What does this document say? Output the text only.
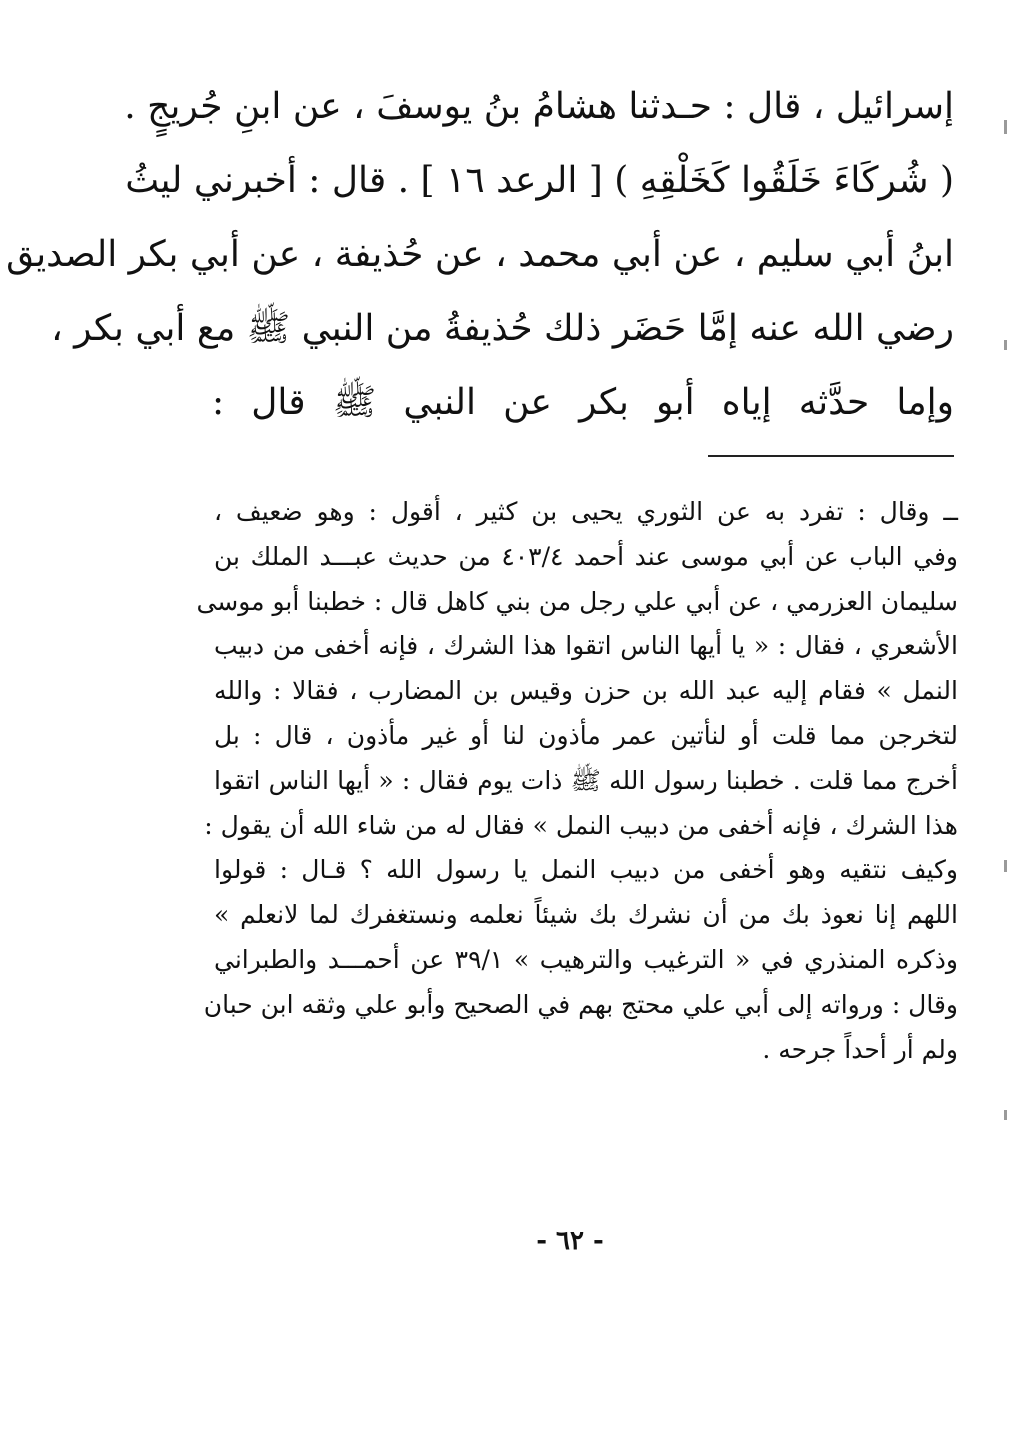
إسرائيل ، قال : حـدثنا هشامُ بنُ يوسفَ ، عن ابنِ جُريجٍ .
( شُركَاءَ خَلَقُوا كَخَلْقِهِ ) [ الرعد ١٦ ] . قال : أخبرني ليثُ
ابنُ أبي سليم ، عن أبي محمد ، عن حُذيفة ، عن أبي بكر الصديق
رضي الله عنه إمَّا حَضَر ذلك حُذيفةُ من النبي ﷺ مع أبي بكر ،
وإما حدَّثه إياه أبو بكر عن النبي ﷺ قال :
ــ وقال : تفرد به عن الثوري يحيى بن كثير ، أقول : وهو ضعيف ،
وفي الباب عن أبي موسى عند أحمد ٤٠٣/٤ من حديث عبـــد الملك بن
سليمان العزرمي ، عن أبي علي رجل من بني كاهل قال : خطبنا أبو موسى
الأشعري ، فقال : « يا أيها الناس اتقوا هذا الشرك ، فإنه أخفى من دبيب
النمل » فقام إليه عبد الله بن حزن وقيس بن المضارب ، فقالا : والله
لتخرجن مما قلت أو لنأتين عمر مأذون لنا أو غير مأذون ، قال : بل
أخرج مما قلت . خطبنا رسول الله ﷺ ذات يوم فقال : « أيها الناس اتقوا
هذا الشرك ، فإنه أخفى من دبيب النمل » فقال له من شاء الله أن يقول :
وكيف نتقيه وهو أخفى من دبيب النمل يا رسول الله ؟ قـال : قولوا
اللهم إنا نعوذ بك من أن نشرك بك شيئاً نعلمه ونستغفرك لما لانعلم »
وذكره المنذري في « الترغيب والترهيب » ٣٩/١ عن أحمـــد والطبراني
وقال : ورواته إلى أبي علي محتج بهم في الصحيح وأبو علي وثقه ابن حبان
ولم أر أحداً جرحه .
- ٦٢ -
